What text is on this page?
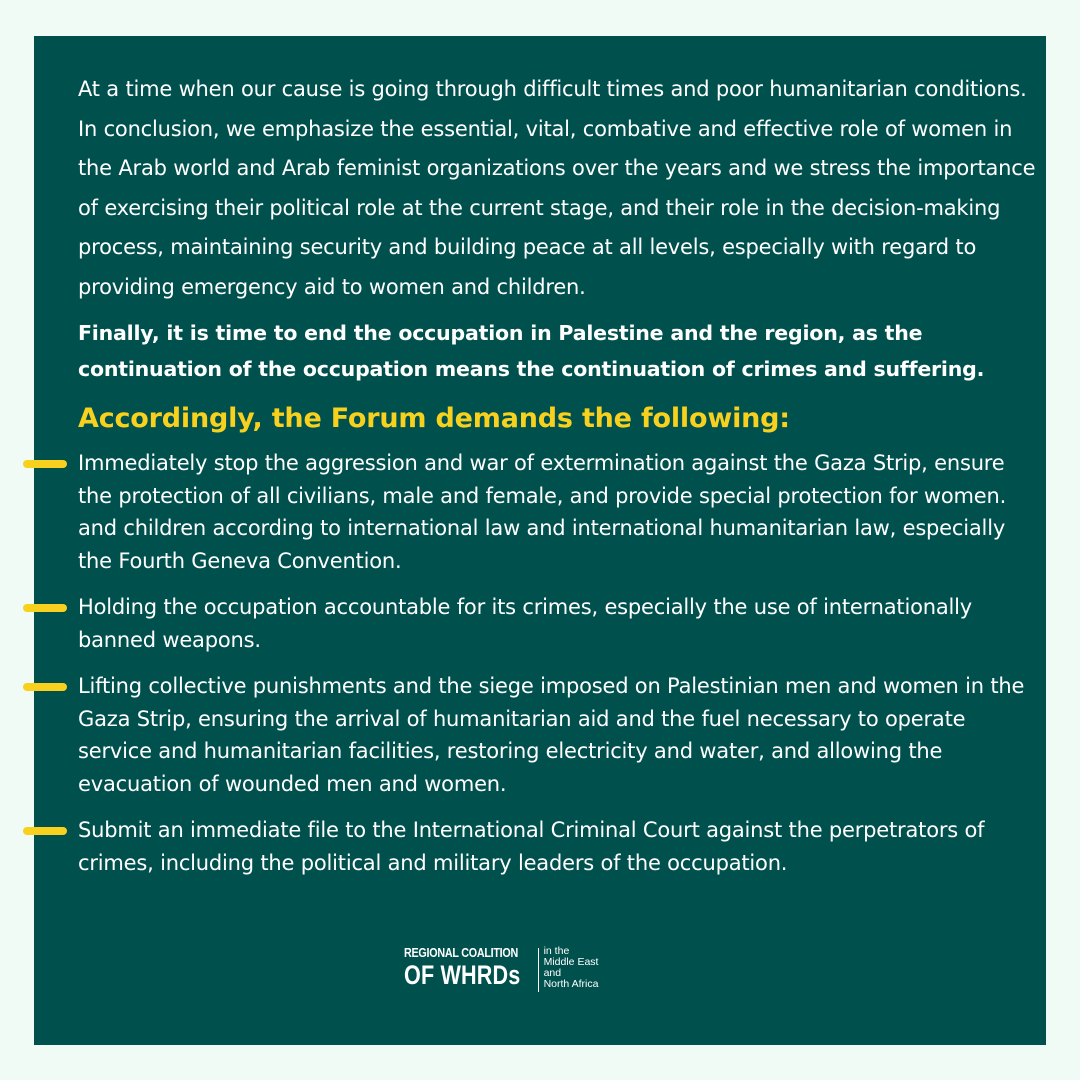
At a time when our cause is going through difficult times and poor humanitarian conditions.

In conclusion, we emphasize the essential, vital, combative and effective role of women in the Arab world and Arab feminist organizations over the years and we stress the importance of exercising their political role at the current stage, and their role in the decision-making process, maintaining security and building peace at all levels, especially with regard to providing emergency aid to women and children.

Finally, it is time to end the occupation in Palestine and the region, as the continuation of the occupation means the continuation of crimes and suffering.

Accordingly, the Forum demands the following:
Immediately stop the aggression and war of extermination against the Gaza Strip, ensure the protection of all civilians, male and female, and provide special protection for women. and children according to international law and international humanitarian law, especially the Fourth Geneva Convention.
Holding the occupation accountable for its crimes, especially the use of internationally banned weapons.
Lifting collective punishments and the siege imposed on Palestinian men and women in the Gaza Strip, ensuring the arrival of humanitarian aid and the fuel necessary to operate service and humanitarian facilities, restoring electricity and water, and allowing the evacuation of wounded men and women.
Submit an immediate file to the International Criminal Court against the perpetrators of crimes, including the political and military leaders of the occupation.
REGIONAL COALITION
OF WHRDs
in the
Middle East
and
North Africa
